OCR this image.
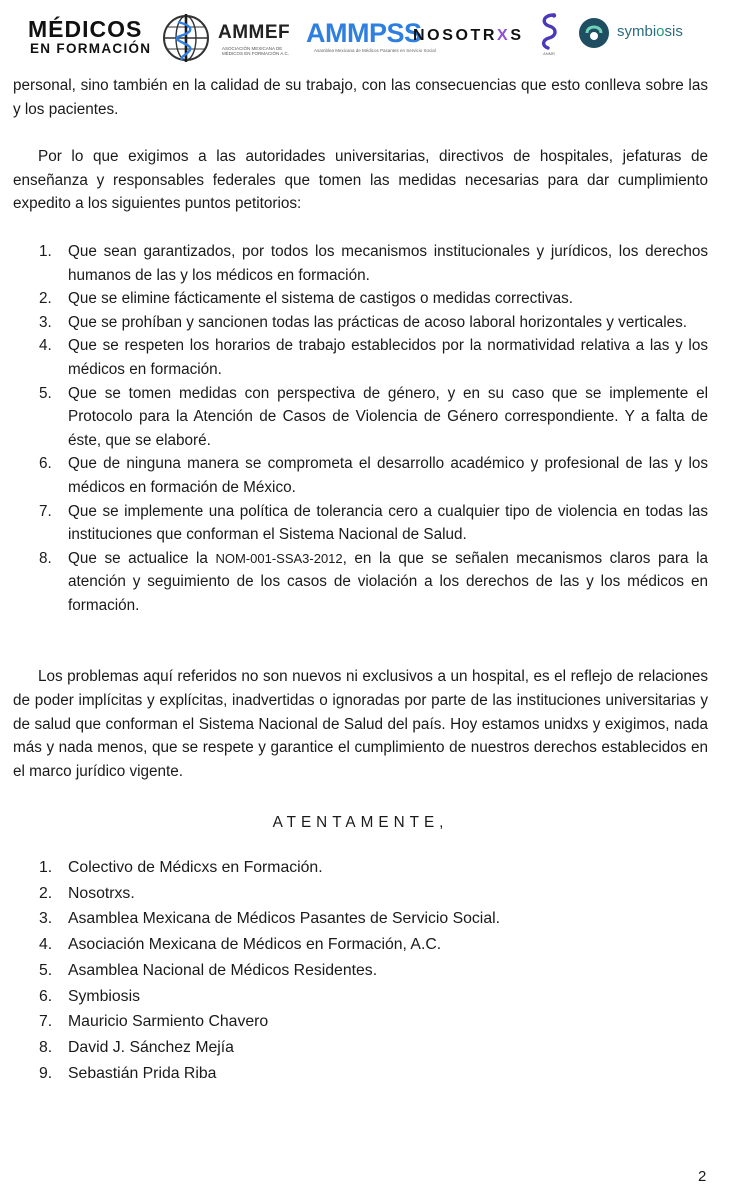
MÉDICOS
EN FORMACIÓN
AMMEF
ASOCIACIÓN MEXICANA DE MÉDICOS EN FORMACIÓN A.C.
AMMPSS
Asamblea Mexicana de Médicos Pasantes en Servicio Social
NOSOTRXS
ANMR
symbiosis

personal, sino también en la calidad de su trabajo, con las consecuencias que esto conlleva sobre las y los pacientes.

Por lo que exigimos a las autoridades universitarias, directivos de hospitales, jefaturas de enseñanza y responsables federales que tomen las medidas necesarias para dar cumplimiento expedito a los siguientes puntos petitorios:

1. Que sean garantizados, por todos los mecanismos institucionales y jurídicos, los derechos humanos de las y los médicos en formación.
2. Que se elimine fácticamente el sistema de castigos o medidas correctivas.
3. Que se prohíban y sancionen todas las prácticas de acoso laboral horizontales y verticales.
4. Que se respeten los horarios de trabajo establecidos por la normatividad relativa a las y los médicos en formación.
5. Que se tomen medidas con perspectiva de género, y en su caso que se implemente el Protocolo para la Atención de Casos de Violencia de Género correspondiente. Y a falta de éste, que se elaboré.
6. Que de ninguna manera se comprometa el desarrollo académico y profesional de las y los médicos en formación de México.
7. Que se implemente una política de tolerancia cero a cualquier tipo de violencia en todas las instituciones que conforman el Sistema Nacional de Salud.
8. Que se actualice la NOM-001-SSA3-2012, en la que se señalen mecanismos claros para la atención y seguimiento de los casos de violación a los derechos de las y los médicos en formación.

Los problemas aquí referidos no son nuevos ni exclusivos a un hospital, es el reflejo de relaciones de poder implícitas y explícitas, inadvertidas o ignoradas por parte de las instituciones universitarias y de salud que conforman el Sistema Nacional de Salud del país. Hoy estamos unidxs y exigimos, nada más y nada menos, que se respete y garantice el cumplimiento de nuestros derechos establecidos en el marco jurídico vigente.

ATENTAMENTE,

1. Colectivo de Médicxs en Formación.
2. Nosotrxs.
3. Asamblea Mexicana de Médicos Pasantes de Servicio Social.
4. Asociación Mexicana de Médicos en Formación, A.C.
5. Asamblea Nacional de Médicos Residentes.
6. Symbiosis
7. Mauricio Sarmiento Chavero
8. David J. Sánchez Mejía
9. Sebastián Prida Riba
2
